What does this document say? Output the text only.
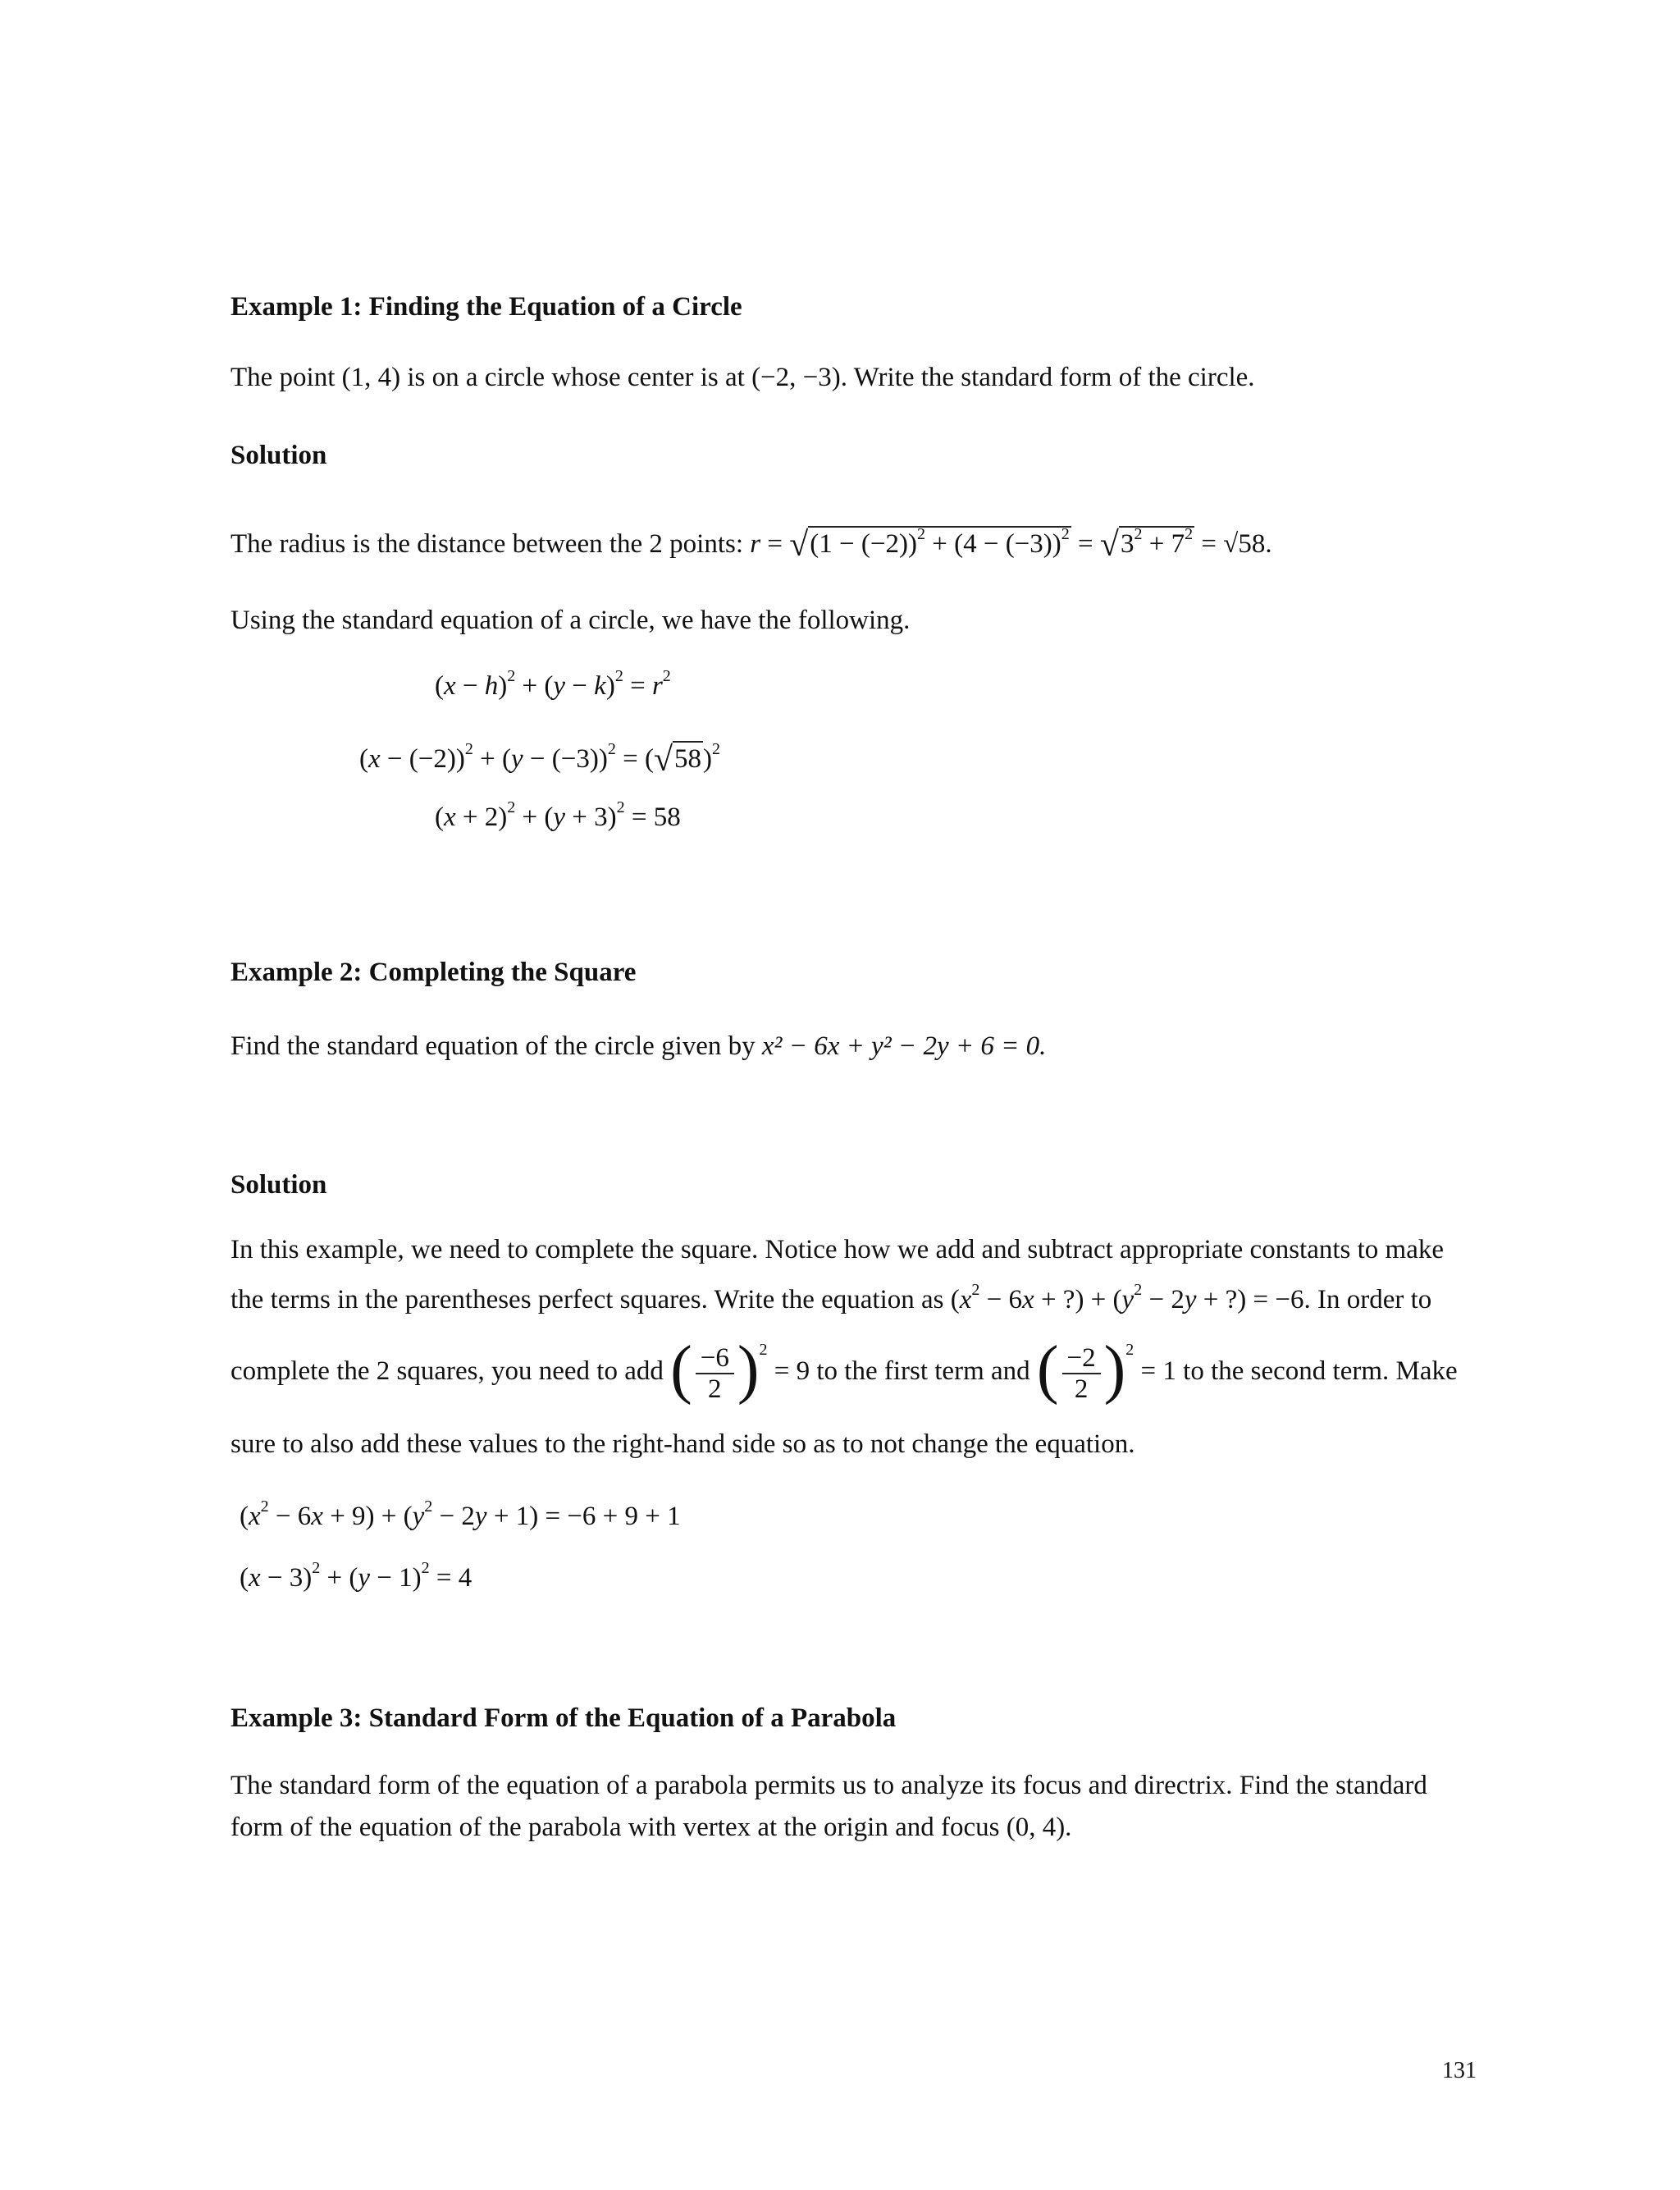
Example 1: Finding the Equation of a Circle
The point (1, 4) is on a circle whose center is at (−2, −3). Write the standard form of the circle.
Solution
The radius is the distance between the 2 points: $r = √(1 - (-2))^2 + (4 - (-3))^2 = √3^2 + 7^2 = √58$.
Using the standard equation of a circle, we have the following.
$(x - h)^2 + (y - k)^2 = r^2$
$(x - (-2))^2 + (y - (-3))^2 = (√58)^2$
$(x + 2)^2 + (y + 3)^2 = 58$
Example 2: Completing the Square
Find the standard equation of the circle given by x² − 6x + y² − 2y + 6 = 0.
Solution
In this example, we need to complete the square. Notice how we add and subtract appropriate constants to make
the terms in the parentheses perfect squares. Write the equation as ($x^2 - 6x$ + ?) + ($y^2 - 2y$ + ?) = −6. In order to
complete the 2 squares, you need to add ( $\frac{-6}{2} )^2 = 9$ to the first term and ( $\frac{-2}{2} )^2 = 1$ to the second term. Make
sure to also add these values to the right-hand side so as to not change the equation.
$(x^2 - 6x + 9) + (y^2 - 2y + 1) = -6 + 9 + 1$
$(x - 3)^2 + (y - 1)^2 = 4$
Example 3: Standard Form of the Equation of a Parabola
The standard form of the equation of a parabola permits us to analyze its focus and directrix. Find the standard
form of the equation of the parabola with vertex at the origin and focus (0, 4).
131
